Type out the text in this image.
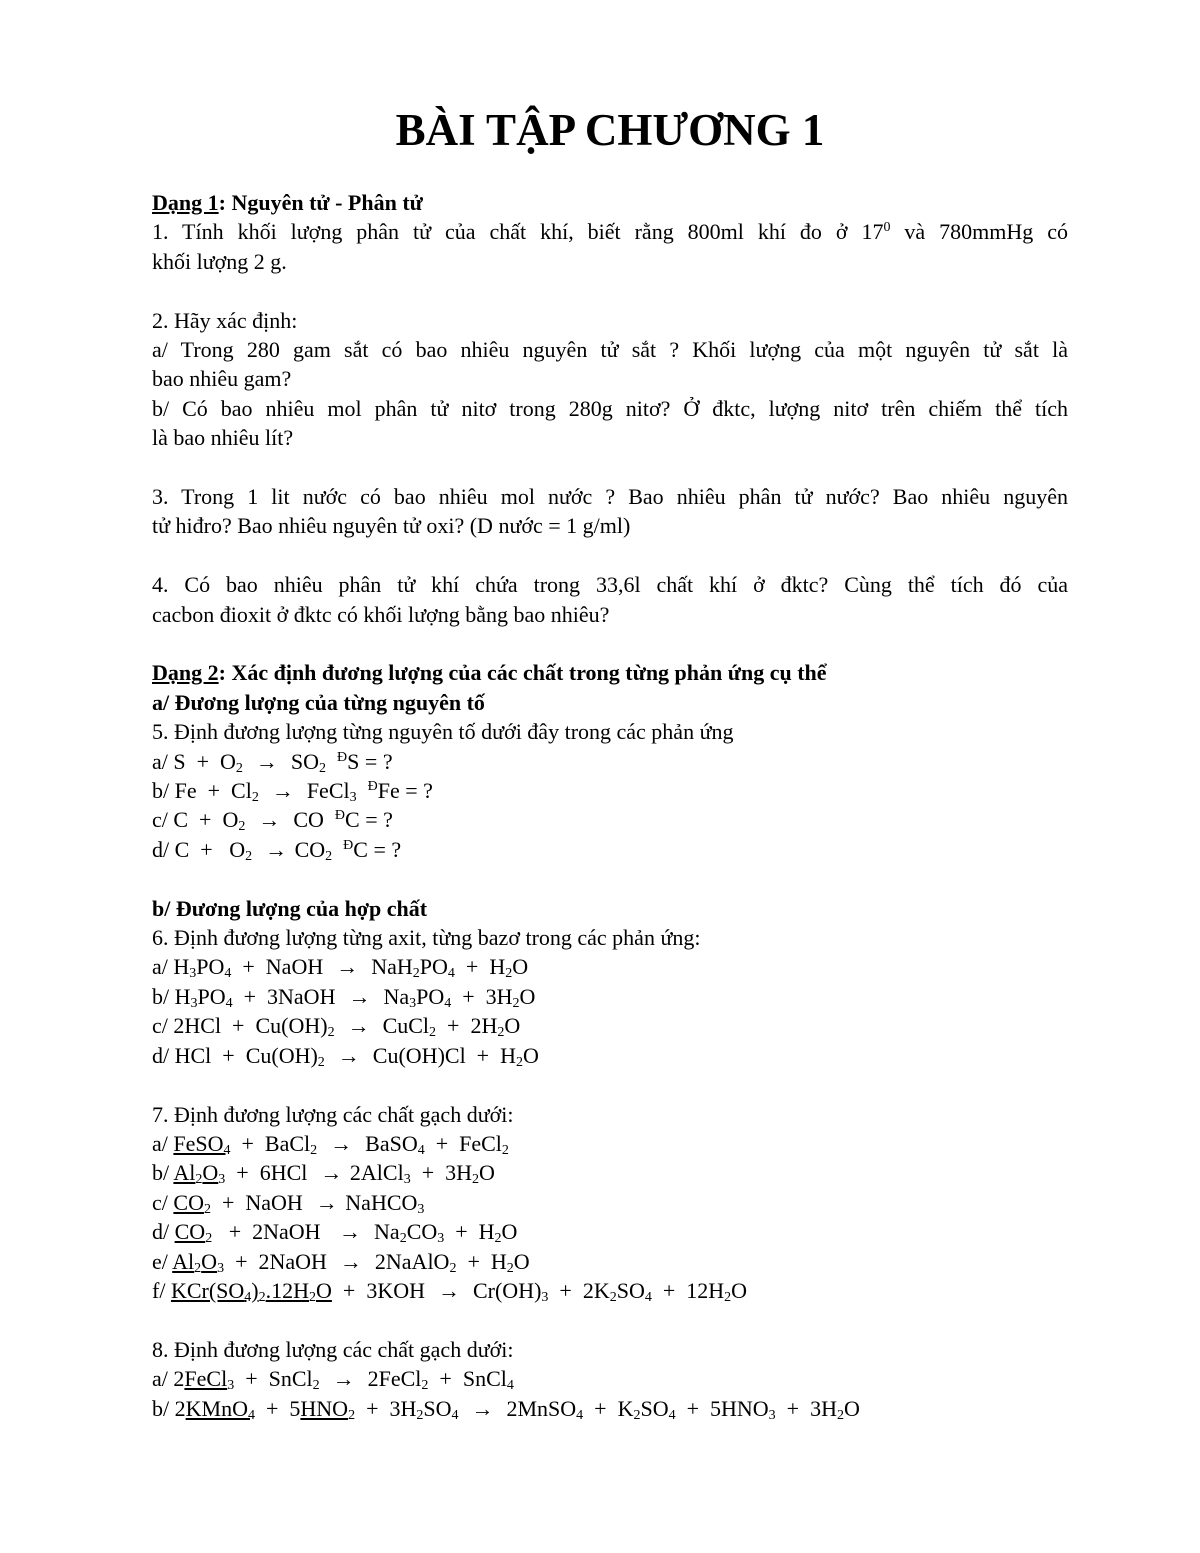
BÀI TẬP CHƯƠNG 1
Dạng 1: Nguyên tử - Phân tử
1. Tính khối lượng phân tử của chất khí, biết rằng 800ml khí đo ở $17^0$ và 780mmHg có
khối lượng 2 g.
2. Hãy xác định:
a/ Trong 280 gam sắt có bao nhiêu nguyên tử sắt ? Khối lượng của một nguyên tử sắt là
bao nhiêu gam?
b/ Có bao nhiêu mol phân tử nitơ trong 280g nitơ? Ở đktc, lượng nitơ trên chiếm thể tích
là bao nhiêu lít?
3. Trong 1 lit nước có bao nhiêu mol nước ? Bao nhiêu phân tử nước? Bao nhiêu nguyên
tử hiđro? Bao nhiêu nguyên tử oxi? (D nước = 1 g/ml)
4. Có bao nhiêu phân tử khí chứa trong 33,6l chất khí ở đktc? Cùng thể tích đó của
cacbon đioxit ở đktc có khối lượng bằng bao nhiêu?
Dạng 2: Xác định đương lượng của các chất trong từng phản ứng cụ thể
a/ Đương lượng của từng nguyên tố
5. Định đương lượng từng nguyên tố dưới đây trong các phản ứng
a/ $S + O_2 \to SO_2$  $^Đ$S = ?
b/ $Fe + Cl_2$ →  FeCl$_3$  $^Đ$Fe = ?
c/ $C + O_2$ →  CO  $^Đ$C = ?
d/ $C + O_2 \to CO_2$  $^Đ$C = ?
b/ Đương lượng của hợp chất
6. Định đương lượng từng axit, từng bazơ trong các phản ứng:
a/ $H_3PO_4$  +  NaOH  →  $NaH_2PO_4 + H_2O$
b/ $H_3PO_4$  +  3NaOH  →  $Na_3PO_4 + 3H_2O$
c/ $2HCl + Cu(OH)_2$ →  CuCl$_2$  +  $2H_2O$
d/ HCl  +  $Cu(OH)_2 \to Cu(OH)Cl + H_2O$
7. Định đương lượng các chất gạch dưới:
a/ FeSO$_4$  +  BaCl$_2$ →  BaSO$_4$  +  FeCl$_2$
b/ $Al_2O_3 + 6HCl$  → 2AlCl$_3$  +  $3H_2O$
c/ $CO_2$  +  NaOH  → NaHCO$_3$
d/ $CO_2$   +  2NaOH   →  $Na_2CO_3 + H_2O$
e/ $Al_2O_3$  +  2NaOH  →  2NaAlO$_2$  +  $H_2O$
f/ $KCr(SO_4)_2.12H_2O + 3KOH \to Cr(OH)_3 + 2K_2SO_4 + 12H_2O$
8. Định đương lượng các chất gạch dưới:
a/ 2FeCl$_3$  +  SnCl$_2$ →  2FeCl$_2$  +  SnCl$_4$
b/ 2KMnO$_4$  +  $5HNO_2 + 3H_2SO_4$ →  2MnSO$_4$  +  $K_2SO_4 + 5HNO_3 + 3H_2O$
